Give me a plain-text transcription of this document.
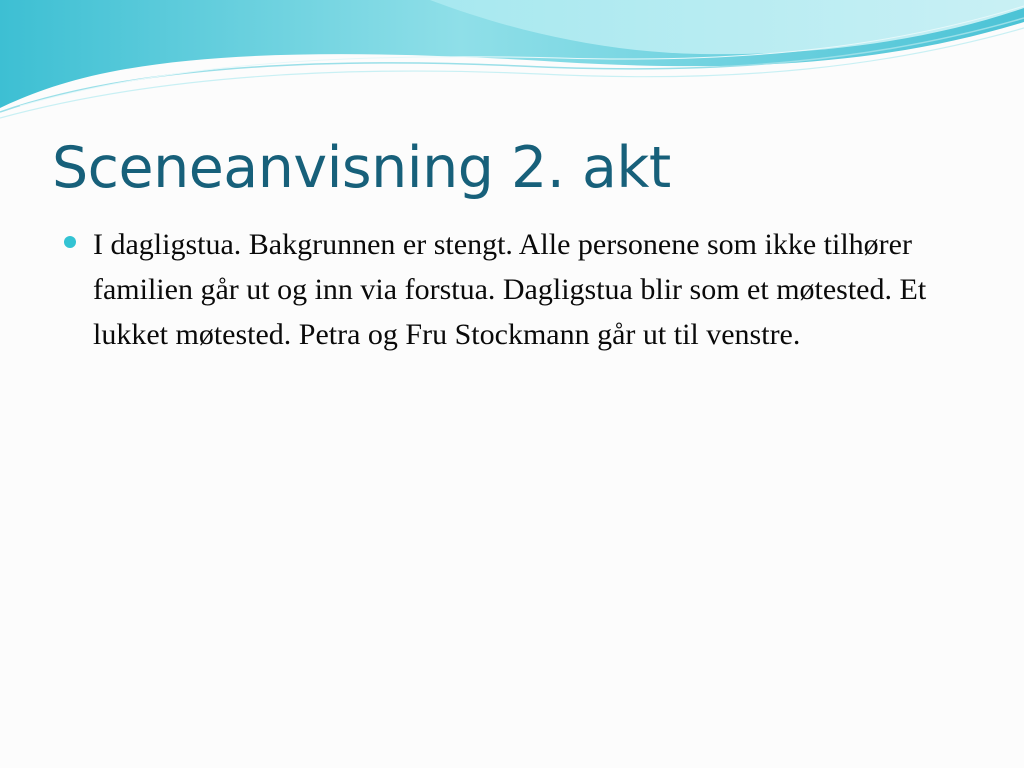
Sceneanvisning 2. akt
I dagligstua. Bakgrunnen er stengt. Alle personene som ikke tilhører familien går ut og inn via forstua. Dagligstua blir som et møtested. Et lukket møtested. Petra og Fru Stockmann går ut til venstre.
